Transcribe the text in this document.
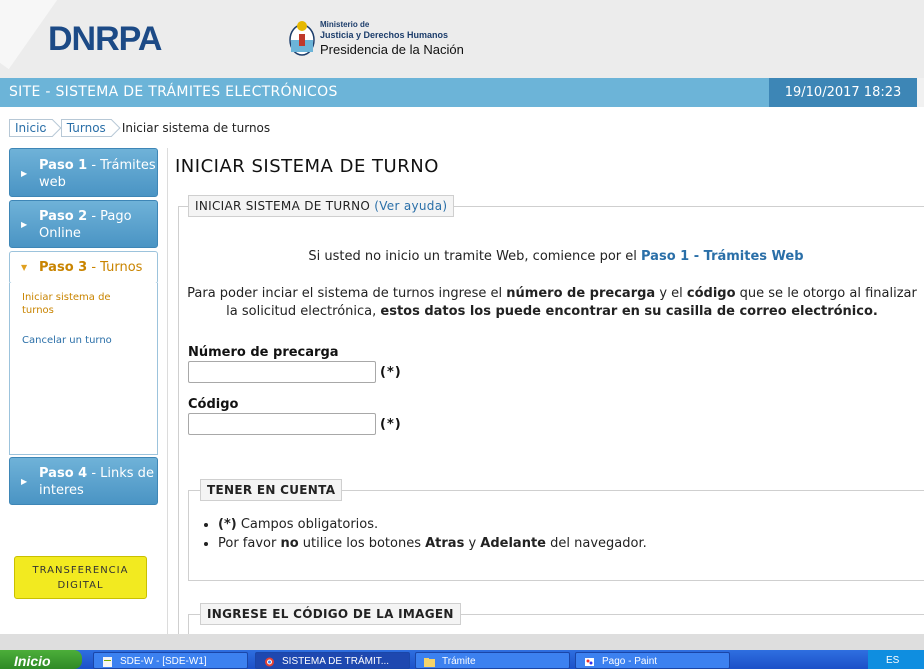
DNRPA	Ministerio de
Justicia y Derechos Humanos
Presidencia de la Nación
SITE - SISTEMA DE TRÁMITES ELECTRÓNICOS	19/10/2017 18:23
Inicio	Turnos	Iniciar sistema de turnos
▶
Paso 1 - Trámites
web
▶
Paso 2 - Pago
Online
▼ Paso 3 - Turnos
Iniciar sistema de
turnos
Cancelar un turno
▶
Paso 4 - Links de
interes
TRANSFERENCIA
DIGITAL
INICIAR SISTEMA DE TURNO
INICIAR SISTEMA DE TURNO (Ver ayuda)
Si usted no inicio un tramite Web, comience por el Paso 1 - Trámites Web
Para poder inciar el sistema de turnos ingrese el número de precarga y el código que se le otorgo al finalizar la solicitud electrónica, estos datos los puede encontrar en su casilla de correo electrónico.
Número de precarga
(*)
Código
(*)
TENER EN CUENTA
• (*) Campos obligatorios.
• Por favor no utilice los botones Atras y Adelante del navegador.
INGRESE EL CÓDIGO DE LA IMAGEN
Inicio	SDE-W - [SDE-W1]	SISTEMA DE TRÁMIT...	Trámite	Pago - Paint	ES
